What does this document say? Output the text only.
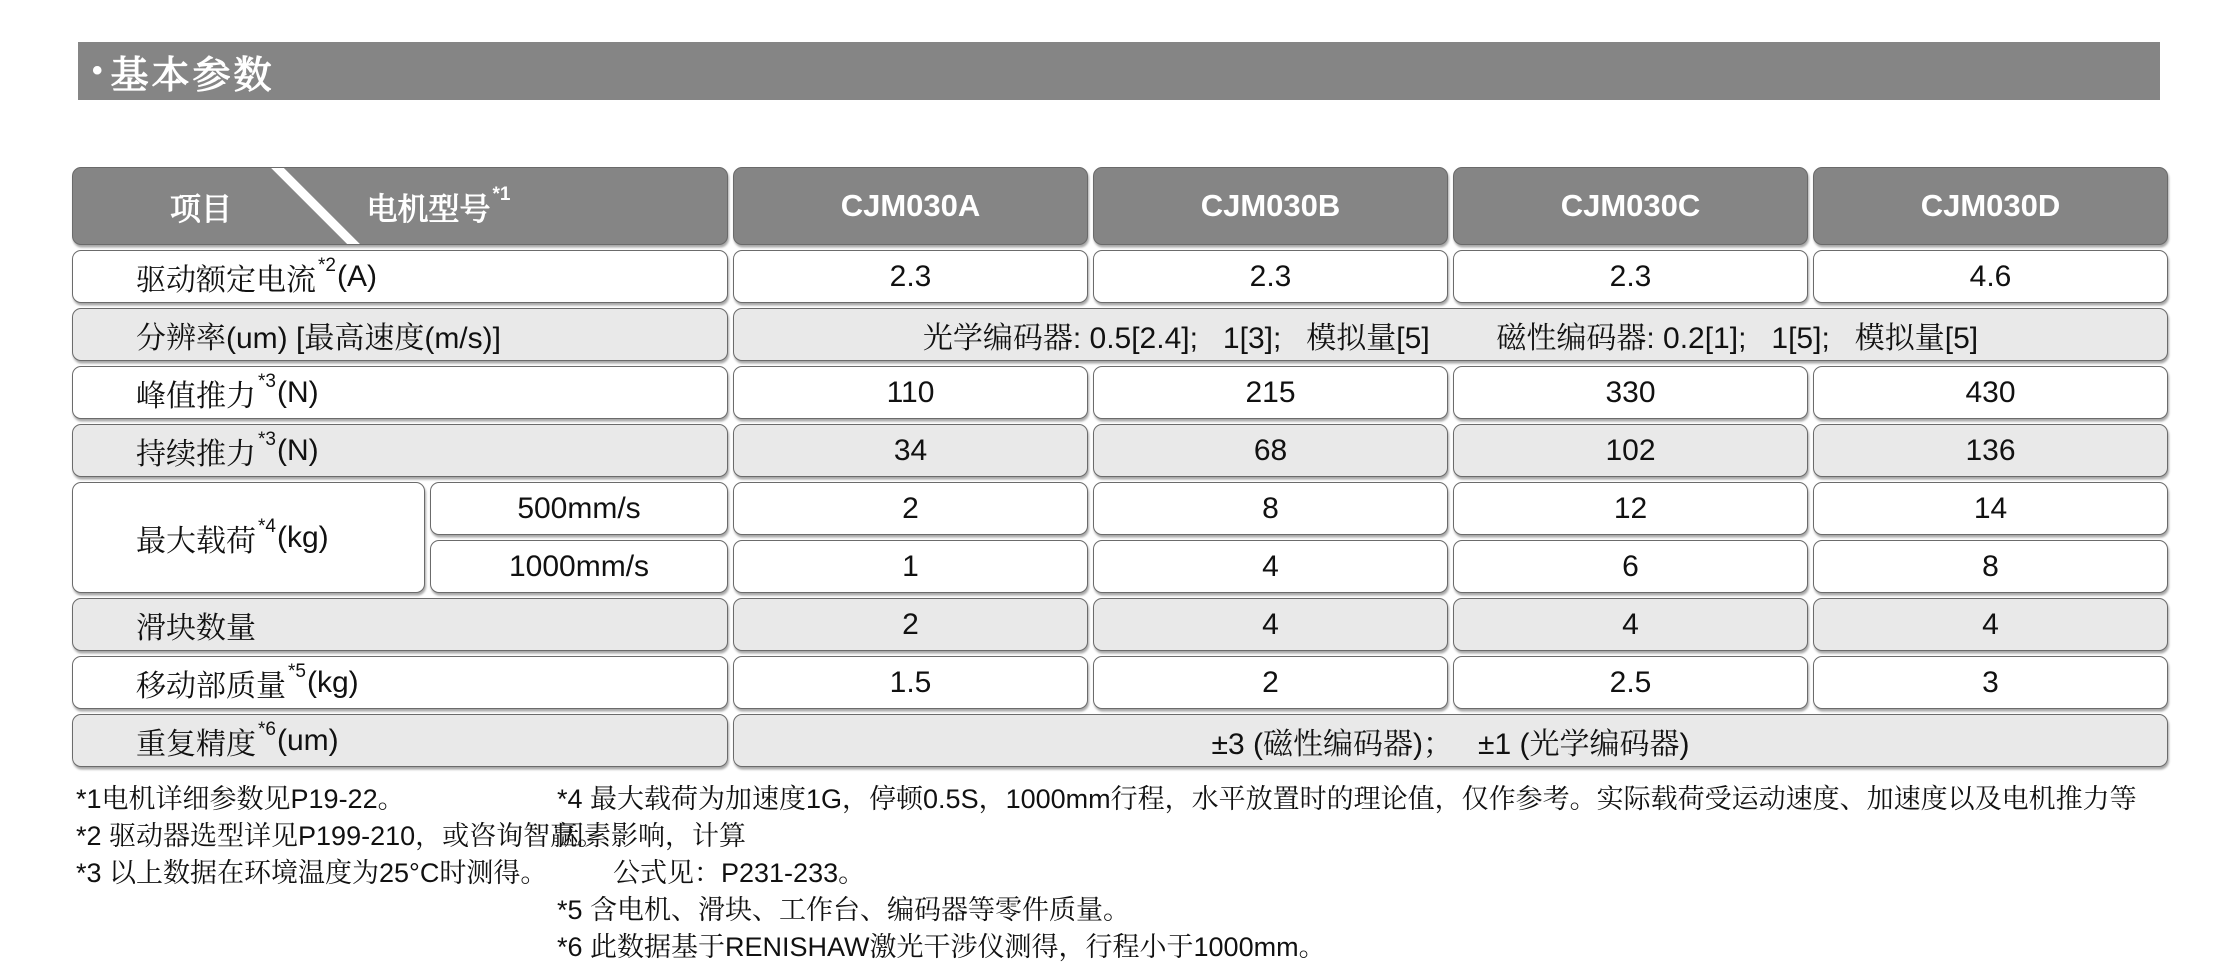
• 基本参数
项目	电机型号 *1	CJM030A	CJM030B	CJM030C	CJM030D
驱动额定电流 *2 (A)	2.3	2.3	2.3	4.6
分辨率(um) [最高速度(m/s)]	光学编码器: 0.5[2.4];   1[3];   模拟量[5]        磁性编码器: 0.2[1];   1[5];   模拟量[5]
峰值推力 *3 (N)	110	215	330	430
持续推力 *3 (N)	34	68	102	136
最大载荷 *4 (kg)
500mm/s	2	8	12	14
1000mm/s	1	4	6	8
滑块数量	2	4	4	4
移动部质量 *5 (kg)	1.5	2	2.5	3
重复精度 *6 (um)	±3 (磁性编码器)；   ±1 (光学编码器)
*1电机详细参数见P19-22。
*2 驱动器选型详见P199-210，或咨询智赢。
*3 以上数据在环境温度为25°C时测得。
*4 最大载荷为加速度1G，停顿0.5S，1000mm行程，水平放置时的理论值，仅作参考。实际载荷受运动速度、加速度以及电机推力等因素影响，计算
公式见：P231-233。
*5 含电机、滑块、工作台、编码器等零件质量。
*6 此数据基于RENISHAW激光干涉仪测得，行程小于1000mm。
